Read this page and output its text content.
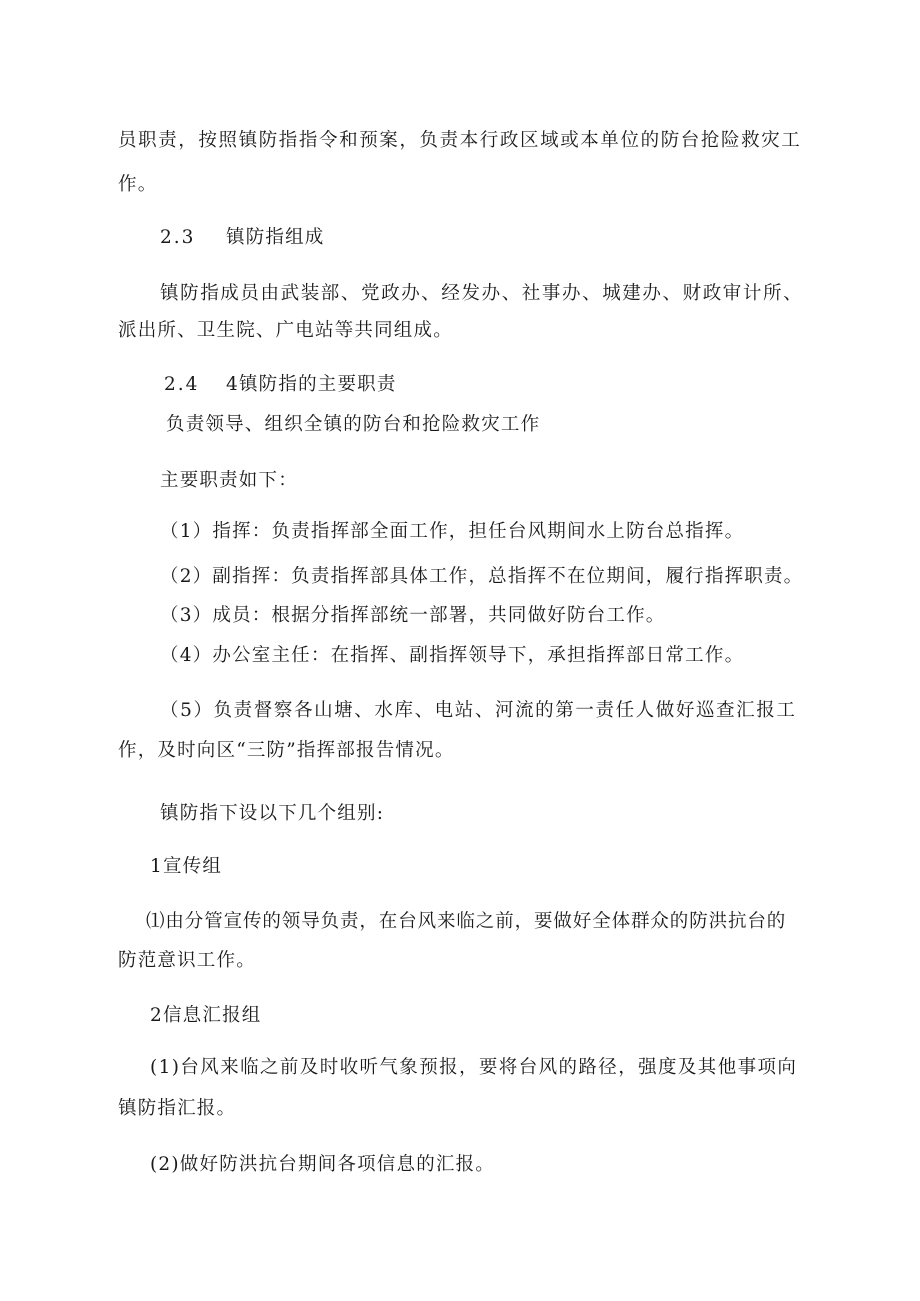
员职责，按照镇防指指令和预案，负责本行政区域或本单位的防台抢险救灾工
作。
2.3 镇防指组成
镇防指成员由武装部、党政办、经发办、社事办、城建办、财政审计所、
派出所、卫生院、广电站等共同组成。
2.4 4镇防指的主要职责
负责领导、组织全镇的防台和抢险救灾工作
主要职责如下：
（1）指挥：负责指挥部全面工作，担任台风期间水上防台总指挥。
（2）副指挥：负责指挥部具体工作，总指挥不在位期间，履行指挥职责。
（3）成员：根据分指挥部统一部署，共同做好防台工作。
（4）办公室主任：在指挥、副指挥领导下，承担指挥部日常工作。
（5）负责督察各山塘、水库、电站、河流的第一责任人做好巡查汇报工
作，及时向区“三防”指挥部报告情况。
镇防指下设以下几个组别:
1宣传组
⑴由分管宣传的领导负责，在台风来临之前，要做好全体群众的防洪抗台的
防范意识工作。
2信息汇报组
(1)台风来临之前及时收听气象预报，要将台风的路径，强度及其他事项向
镇防指汇报。
(2)做好防洪抗台期间各项信息的汇报。
